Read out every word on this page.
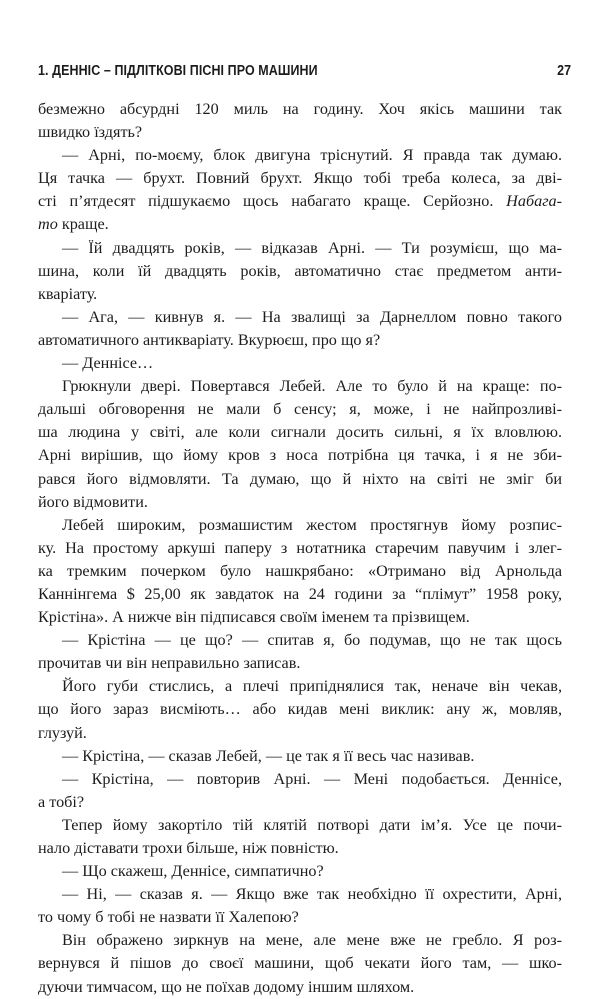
1. ДЕННІС – ПІДЛІТКОВІ ПІСНІ ПРО МАШИНИ	27
безмежно абсурдні 120 миль на годину. Хоч якісь машини так
швидко їздять?
— Арні, по-моєму, блок двигуна тріснутий. Я правда так думаю.
Ця тачка — брухт. Повний брухт. Якщо тобі треба колеса, за дві-
сті п’ятдесят підшукаємо щось набагато краще. Серйозно. Набага-
то краще.
— Їй двадцять років, — відказав Арні. — Ти розумієш, що ма-
шина, коли їй двадцять років, автоматично стає предметом анти-
кваріату.
— Ага, — кивнув я. — На звалищі за Дарнеллом повно такого
автоматичного антикваріату. Вкурюєш, про що я?
— Деннісе…
Грюкнули двері. Повертався Лебей. Але то було й на краще: по-
дальші обговорення не мали б сенсу; я, може, і не найпрозливі-
ша людина у світі, але коли сигнали досить сильні, я їх вловлюю.
Арні вирішив, що йому кров з носа потрібна ця тачка, і я не зби-
рався його відмовляти. Та думаю, що й ніхто на світі не зміг би
його відмовити.
Лебей широким, розмашистим жестом простягнув йому розпис-
ку. На простому аркуші паперу з нотатника старечим павучим і злег-
ка тремким почерком було нашкрябано: «Отримано від Арнольда
Каннінгема $ 25,00 як завдаток на 24 години за “плімут” 1958 року,
Крістіна». А нижче він підписався своїм іменем та прізвищем.
— Крістіна — це що? — спитав я, бо подумав, що не так щось
прочитав чи він неправильно записав.
Його губи стислись, а плечі припіднялися так, неначе він чекав,
що його зараз висміють… або кидав мені виклик: ану ж, мовляв,
глузуй.
— Крістіна, — сказав Лебей, — це так я її весь час називав.
— Крістіна, — повторив Арні. — Мені подобається. Деннісе,
а тобі?
Тепер йому закортіло тій клятій потворі дати ім’я. Усе це почи-
нало діставати трохи більше, ніж повністю.
— Що скажеш, Деннісе, симпатично?
— Ні, — сказав я. — Якщо вже так необхідно її охрестити, Арні,
то чому б тобі не назвати її Халепою?
Він ображено зиркнув на мене, але мене вже не гребло. Я роз-
вернувся й пішов до своєї машини, щоб чекати його там, — шко-
дуючи тимчасом, що не поїхав додому іншим шляхом.
